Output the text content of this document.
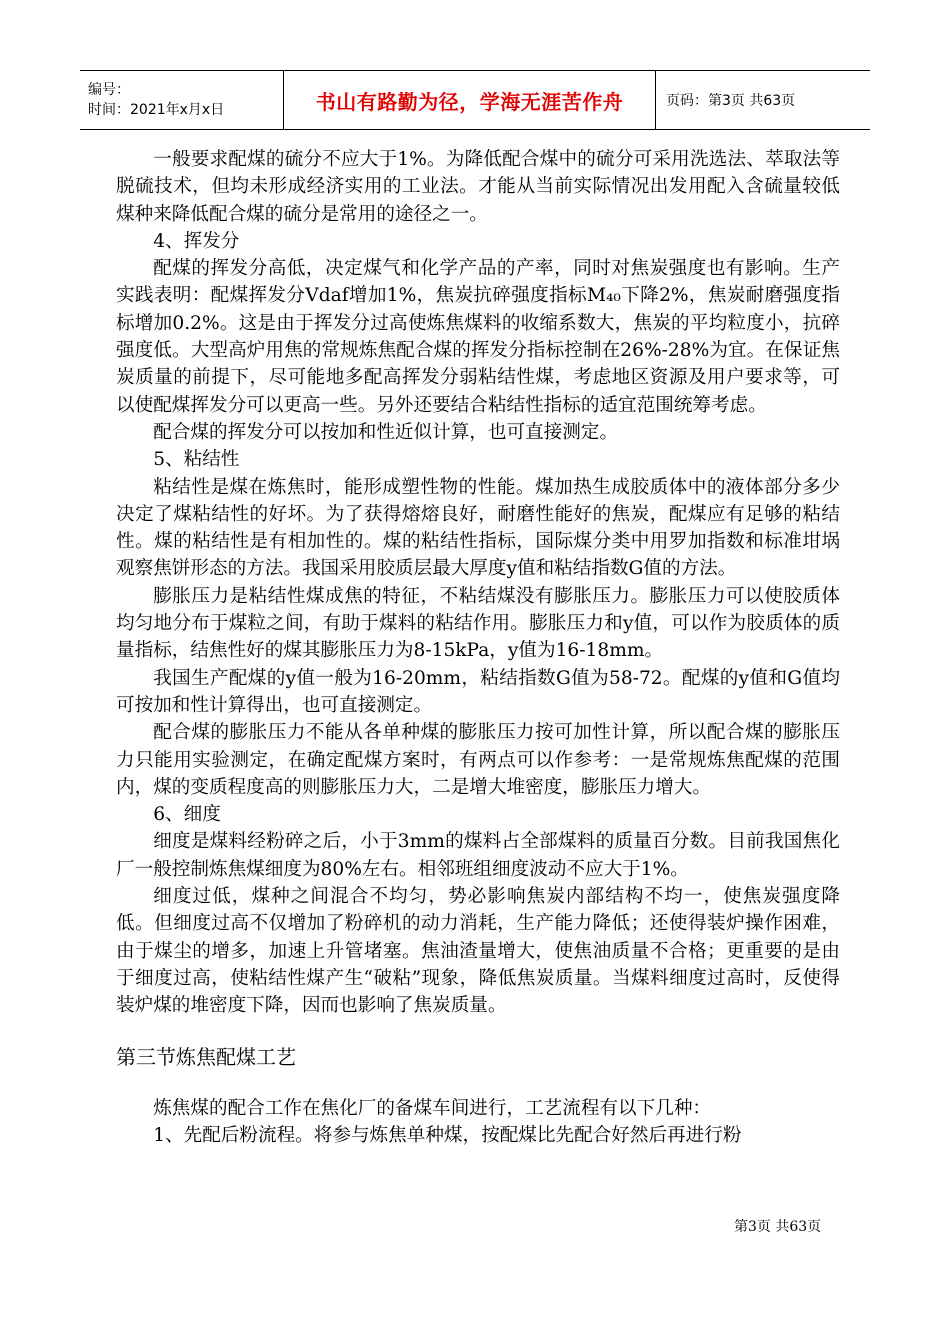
编号：
时间：2021年x月x日	书山有路勤为径，学海无涯苦作舟	页码：第3页 共63页

一般要求配煤的硫分不应大于1%。为降低配合煤中的硫分可采用洗选法、萃取法等脱硫技术，但均未形成经济实用的工业法。才能从当前实际情况出发用配入含硫量较低煤种来降低配合煤的硫分是常用的途径之一。

4、挥发分

配煤的挥发分高低，决定煤气和化学产品的产率，同时对焦炭强度也有影响。生产实践表明：配煤挥发分Vdaf增加1%，焦炭抗碎强度指标M₄₀下降2%，焦炭耐磨强度指标增加0.2%。这是由于挥发分过高使炼焦煤料的收缩系数大，焦炭的平均粒度小，抗碎强度低。大型高炉用焦的常规炼焦配合煤的挥发分指标控制在26%-28%为宜。在保证焦炭质量的前提下，尽可能地多配高挥发分弱粘结性煤，考虑地区资源及用户要求等，可以使配煤挥发分可以更高一些。另外还要结合粘结性指标的适宜范围统筹考虑。

配合煤的挥发分可以按加和性近似计算，也可直接测定。

5、粘结性

粘结性是煤在炼焦时，能形成塑性物的性能。煤加热生成胶质体中的液体部分多少决定了煤粘结性的好坏。为了获得熔熔良好，耐磨性能好的焦炭，配煤应有足够的粘结性。煤的粘结性是有相加性的。煤的粘结性指标，国际煤分类中用罗加指数和标准坩埚观察焦饼形态的方法。我国采用胶质层最大厚度y值和粘结指数G值的方法。

膨胀压力是粘结性煤成焦的特征，不粘结煤没有膨胀压力。膨胀压力可以使胶质体均匀地分布于煤粒之间，有助于煤料的粘结作用。膨胀压力和y值，可以作为胶质体的质量指标，结焦性好的煤其膨胀压力为8-15kPa，y值为16-18mm。

我国生产配煤的y值一般为16-20mm，粘结指数G值为58-72。配煤的y值和G值均可按加和性计算得出，也可直接测定。

配合煤的膨胀压力不能从各单种煤的膨胀压力按可加性计算，所以配合煤的膨胀压力只能用实验测定，在确定配煤方案时，有两点可以作参考：一是常规炼焦配煤的范围内，煤的变质程度高的则膨胀压力大，二是增大堆密度，膨胀压力增大。

6、细度

细度是煤料经粉碎之后，小于3mm的煤料占全部煤料的质量百分数。目前我国焦化厂一般控制炼焦煤细度为80%左右。相邻班组细度波动不应大于1%。

细度过低，煤种之间混合不均匀，势必影响焦炭内部结构不均一，使焦炭强度降低。但细度过高不仅增加了粉碎机的动力消耗，生产能力降低；还使得装炉操作困难，由于煤尘的增多，加速上升管堵塞。焦油渣量增大，使焦油质量不合格；更重要的是由于细度过高，使粘结性煤产生“破粘”现象，降低焦炭质量。当煤料细度过高时，反使得装炉煤的堆密度下降，因而也影响了焦炭质量。

第三节炼焦配煤工艺

炼焦煤的配合工作在焦化厂的备煤车间进行，工艺流程有以下几种：

1、先配后粉流程。将参与炼焦单种煤，按配煤比先配合好然后再进行粉

第3页 共63页
